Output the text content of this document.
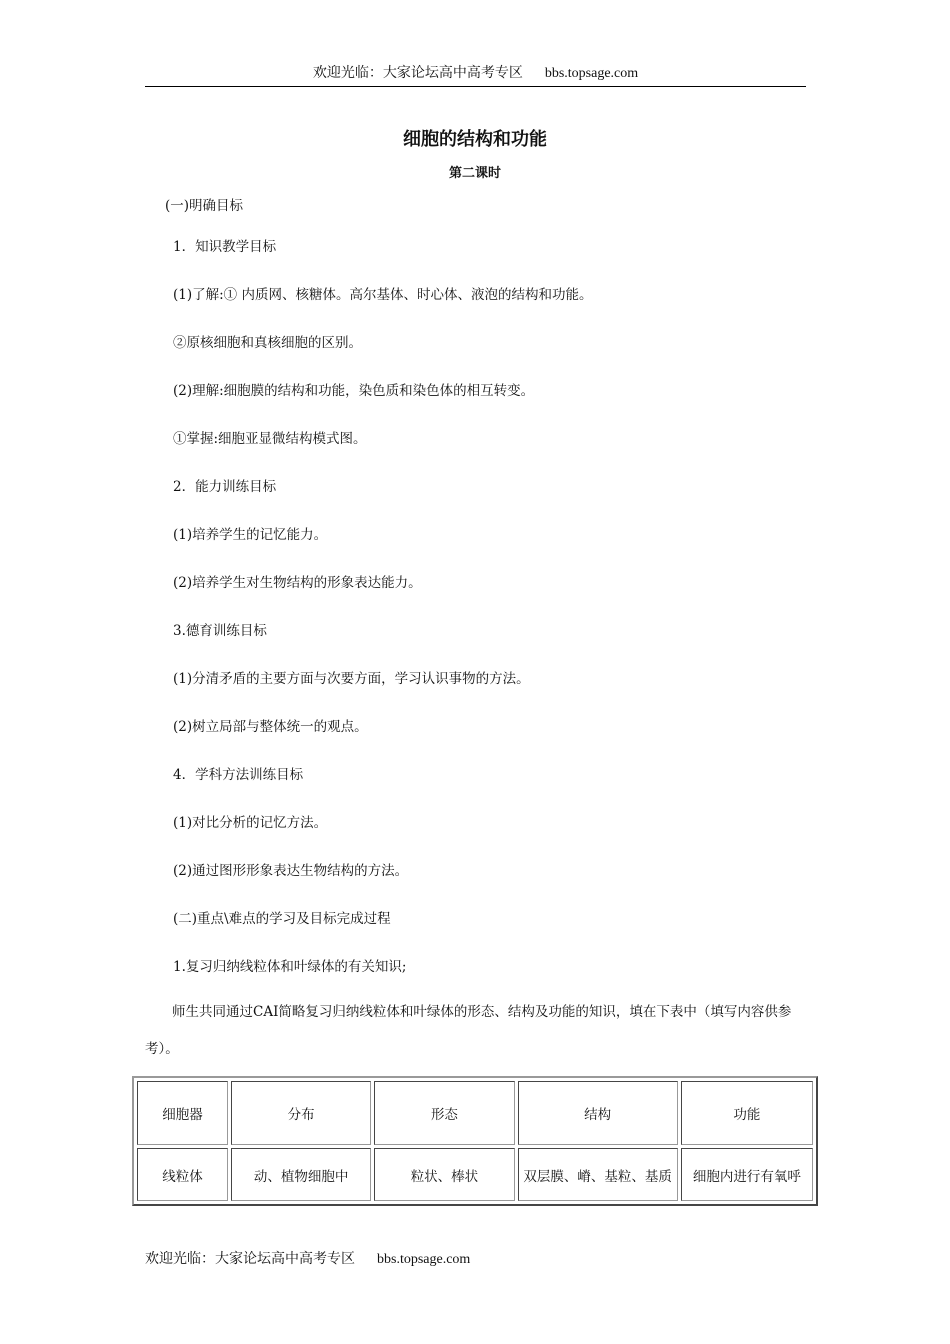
欢迎光临：大家论坛高中高考专区 bbs.topsage.com
细胞的结构和功能
第二课时
(一)明确目标
1．知识教学目标
(1)了解:① 内质网、核糖体。高尔基体、时心体、液泡的结构和功能。
②原核细胞和真核细胞的区别。
(2)理解:细胞膜的结构和功能，染色质和染色体的相互转变。
①掌握:细胞亚显微结构模式图。
2．能力训练目标
(1)培养学生的记忆能力。
(2)培养学生对生物结构的形象表达能力。
3.德育训练目标
(1)分清矛盾的主要方面与次要方面，学习认识事物的方法。
(2)树立局部与整体统一的观点。
4．学科方法训练目标
(1)对比分析的记忆方法。
(2)通过图形形象表达生物结构的方法。
(二)重点\难点的学习及目标完成过程
1.复习归纳线粒体和叶绿体的有关知识;
师生共同通过CAI简略复习归纳线粒体和叶绿体的形态、结构及功能的知识，填在下表中（填写内容供参考）。
细胞器	分布	形态	结构	功能
线粒体	动、植物细胞中	粒状、棒状	双层膜、嵴、基粒、基质	细胞内进行有氧呼
欢迎光临：大家论坛高中高考专区 bbs.topsage.com
